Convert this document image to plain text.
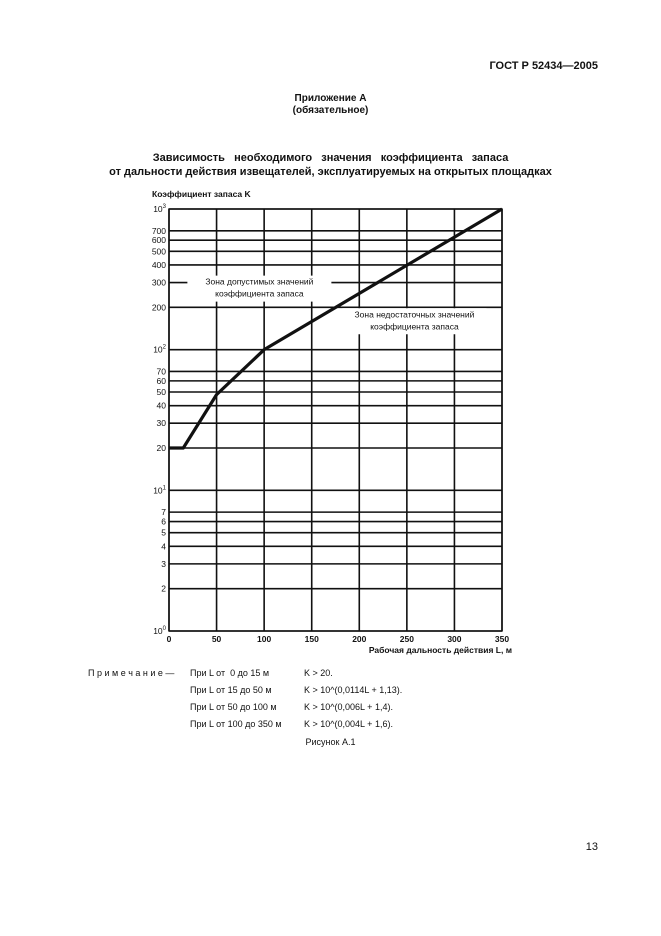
ГОСТ Р 52434—2005
Приложение А
(обязательное)
Зависимость   необходимого   значения   коэффициента   запаса
от дальности действия извещателей, эксплуатируемых на открытых площадках
$10^0$
2
3
4
5
6
7
$10^1$
20
30
40
50
60
70
$10^2$
200
300
400
500
600
700
$10^3$
0	50	100	150	200	250	300	350
Коэффициент запаса K
Рабочая дальность действия L, м
Зона допустимых значений
коэффициента запаса
Зона недостаточных значений
коэффициента запаса
П р и м е ч а н и е —	При L от  0 до 15 м	K > 20.
При L от 15 до 50 м	K > 10^(0,0114L + 1,13).
При L от 50 до 100 м	K > 10^(0,006L + 1,4).
При L от 100 до 350 м	K > 10^(0,004L + 1,6).
Рисунок А.1
13
